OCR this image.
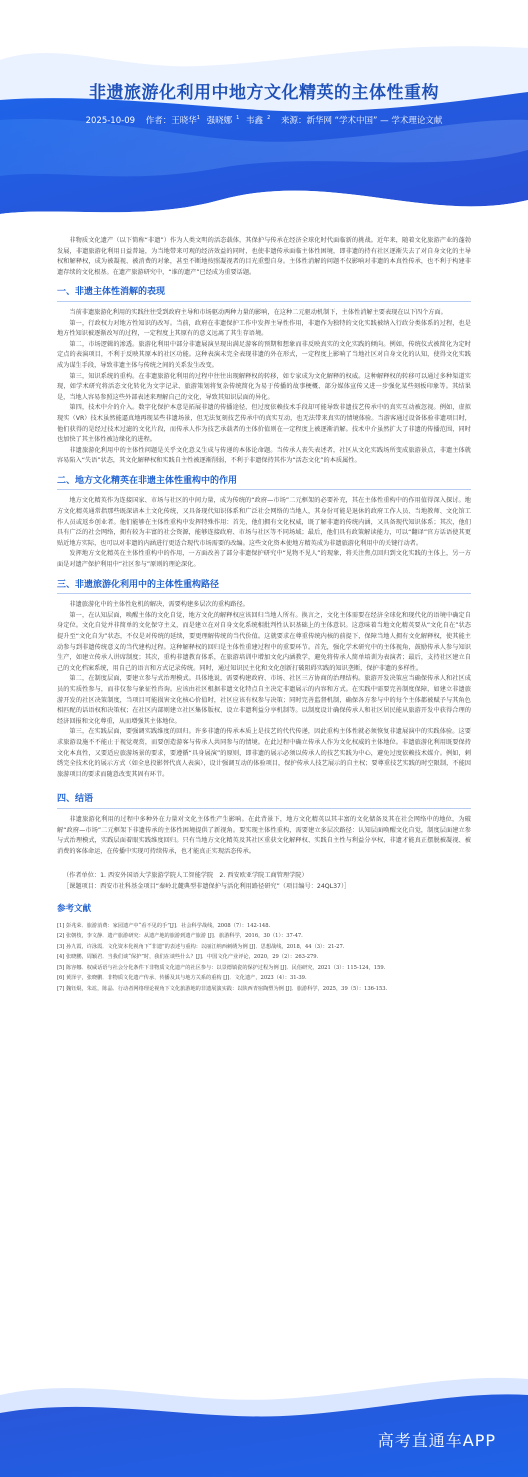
非遗旅游化利用中地方文化精英的主体性重构
2025-10-09 作者：王晓华$^1$ 强晓娜 $^1$ 韦鑫 $^2$ 来源：新华网 “学术中国” — 学术理论文献

非物质文化遗产（以下简称“非遗”）作为人类文明的活态载体，其保护与传承在经济全球化时代面临新的挑战。近年来，随着文化旅游产业的蓬勃发展，非遗旅游化利用日益普遍，为当地带来可观的经济效益的同时，也使非遗传承面临主体性困境，即非遗的持有社区逐渐失去了对自身文化的主导权和解释权，成为被凝视、被消费的对象，甚至不断地按照凝视者的目光重塑自身。主体性消解的问题不仅影响对非遗的本真性传承，也不利于构建非遗存续的文化根基。在遗产旅游研究中，“谁的遗产”已经成为重要话题。

一、非遗主体性消解的表现

当前非遗旅游化利用的实践往往受到政府主导和市场驱动两种力量的影响，在这种二元驱动机制下，主体性消解主要表现在以下四个方面。

第一，行政权力对地方性知识的改写。当前，政府在非遗保护工作中发挥主导性作用，非遗作为独特的文化实践被纳入行政分类体系的过程，也是地方性知识被逐渐改写的过程，一定程度上其原有的意义远离了其生存语境。

第二，市场逻辑的渗透。旅游化利用中部分非遗展演呈现出满足游客的预期和想象而非反映真实的文化实践的倾向。例如，传统仪式被简化为定时定点的表演项目，不利于反映其原本的社区功能。这种表演未完全表现非遗的外在形式，一定程度上影响了当地社区对自身文化的认知，使得文化实践成为谋生手段，导致非遗主体与传统之间的关系发生改变。

第三，知识系统的重构。在非遗旅游化利用的过程中往往出现解释权的转移，如专家成为文化解释的权威。这种解释权的转移可以通过多种渠道实现，如学术研究将活态文化转化为文字记录、旅游策划将复杂传统简化为易于传播的故事梗概、部分媒体宣传又进一步强化某些刻板印象等。其结果是，当地人容易参照这些外部表述来理解自己的文化，导致其知识层面的异化。

第四，技术中介的介入。数字化保护本意是拓展非遗的传播途径，但过度依赖技术手段却可能导致非遗技艺传承中的真实互动被忽视。例如，虚拟现实（VR）技术虽然能逼真地再现某些非遗场景，但无法复刻技艺传承中的真实互动，也无法带来真实的情境体验。当游客通过设备体验非遗项目时，他们获得的是经过技术过滤的文化片段，而传承人作为技艺承载者的主体价值则在一定程度上被逐渐消解。技术中介虽然扩大了非遗的传播范围，同时也加快了其主体性被边缘化的进程。

非遗旅游化利用中的主体性问题是关乎文化意义生成与传递的本体论命题。当传承人丧失表述者，社区从文化实践场所变成旅游景点，非遗主体就容易陷入“失语”状态，其文化解释权和实践自主性被逐渐削弱，不利于非遗保持其作为“活态文化”的本质属性。

二、地方文化精英在非遗主体性重构中的作用

地方文化精英作为连接国家、市场与社区的中间力量，成为传统的“政府—市场”二元框架的必要补充，其在主体性重构中的作用值得深入探讨。地方文化精英通常指那些既深谙本土文化传统，又具备现代知识体系和广泛社会网络的当地人，其身份可能是退休的政府工作人员、当地教师、文化馆工作人员或返乡创业者。他们能够在主体性重构中发挥特殊作用：首先，他们拥有文化权威，既了解非遗的传统内涵，又具备现代知识体系；其次，他们具有广泛的社会网络，拥有较为丰富的社会资源，能够连接政府、市场与社区等不同场域；最后，他们具有政策解读能力，可以“翻译”官方话语使其更贴近地方实际，也可以对非遗的内涵进行更适合现代市场需要的改编。这些文化资本使地方精英成为非遗旅游化利用中的关键行动者。

发挥地方文化精英在主体性重构中的作用，一方面改善了部分非遗保护研究中“见物不见人”的现象，将关注焦点回归到文化实践的主体上，另一方面是对遗产保护利用中“社区参与”原则的理论深化。

三、非遗旅游化利用中的主体性重构路径

非遗旅游化中的主体性危机的解决，需要构建多层次的重构路径。

第一，在认知层面，唤醒主体的文化自觉，地方文化的解释权应该回归当地人所有。换言之，文化主体需要在经济全球化和现代化的语境中确定自身定位。文化自觉并非简单的文化保守主义，而是建立在对自身文化系统相批判性认识基础上的主体意识。这意味着当地文化精英要从“文化自在”状态提升至“文化自为”状态，不仅是对传统的延续，要更理解传统的当代价值。这就要求在尊重传统内核的前提下，保障当地人拥有文化解释权，使其能主动参与到非遗传统意义的当代建构过程。这种解释权的回归是主体性重建过程中的重要环节。首先，强化学术研究中的主体视角，鼓励传承人参与知识生产，如建立传承人讲席制度；其次，重构非遗教育体系，在旅游培训中增加文化内涵教学，避免将传承人简单培训为表演者；最后，支持社区建立自己的文化档案系统，用自己的语言和方式记录传统。同时，通过知识民主化和文化创新打破阻碍实践的知识垄断，保护非遗的多样性。

第二，在制度层面，要建立参与式治理模式。具体地说，需要构建政府、市场、社区三方协商的治理结构。旅游开发决策应当确保传承人和社区成员的实质性参与，而非仅参与象征性咨询。应该由社区根据非遗文化特点自主决定非遗展示的内容和方式。在实践中需要完善制度保障，如建立非遗旅游开发的社区决策制度，当项目可能损害文化核心价值时，社区应该有权参与决策；同时完善监督机制，确保各方参与中的每个主体都被赋予与其角色相匹配的话语权和决策权；在社区内部则建立社区集体版权、设立非遗利益分享机制等。以制度设计确保传承人和社区居民能从旅游开发中获得合理的经济回报和文化尊重，从而增强其主体地位。

第三，在实践层面，要强调实践维度的回归。许多非遗的传承本质上是技艺的代代传递，因此重构主体性就必须恢复非遗展演中的实践体验。这要求旅游设施不不能止于视觉观赏，而要创造游客与传承人共同参与的情境。在此过程中确立传承人作为文化权威的主体地位。非遗旅游化利用既要保持文化本真性，又要适应旅游场景的要求，要遵循“具身展演”的原则，即非遗的展示必须以传承人的技艺实践为中心，避免过度依赖技术媒介。例如，刺绣完全技术化的展示方式（如全息投影替代真人表演），设计强调互动的体验项目，保护传承人技艺展示的自主权；要尊重技艺实践的时空限制，不能因旅游项目的要求而随意改变其固有环节。

四、结语

非遗旅游化利用的过程中多种外在力量对文化主体性产生影响。在此背景下，地方文化精英以其丰富的文化储备及其在社会网络中的地位，为破解“政府—市场”二元框架下非遗传承的主体性困境提供了新视角。要实现主体性重构，需要建立多层次路径：认知层面唤醒文化自觉，制度层面建立参与式治理模式，实践层面着眼实践维度回归。只有当地方文化精英及其社区重获文化解释权、实践自主性与利益分享权，非遗才能真正摆脱被凝视、被消费的客体命运，在传播中实现可持续传承，也才能真正实现活态传承。

（作者单位：1. 西安外国语大学旅游学院人工智能学院　2. 西安欧亚学院工商管理学院）

［课题项目：西安市社科基金项目“秦岭北麓典型非遗保护与活化利用路径研究”（项目编号：24QL37）］

参考文献

[1] 彭兆荣．旅游消费：家园遗产中“看不见的手”[J]．社会科学战线，2008（7）：142-148.

[2] 张朝枝，李文静．遗产旅游研究：从遗产地的旅游到遗产旅游 [J]．旅游科学，2016，30（1）：37-47.

[3] 孙九霞，许泳霞．文化资本化视角下“非遗”的表述与重构：以丽江纳西刺绣为例 [J]．思想战线，2018，44（3）：21-27.

[4] 张晓鹏，周颖君．当我们谈“保护”时，我们在谈些什么？[J]．中国文化产业评论，2020，29（2）：263-279.

[5] 陈容娜．权威话语与社会分化条件下非物质文化遗产的社区参与：以景德镇瓷的保护过程为例 [J]．民俗研究，2021（3）：115-124，159.

[6] 黄泽宇，张晓鹏．非物质文化遗产传承、传播及其与地方关系的重构 [J]．文化遗产，2023（4）：31-39.

[7] 魏钰焜，朱竑，陈晶．行动者网络理论视角下文化旅游地的非遗展演实践：以陕西青宿陶塑为例 [J]．旅游科学，2025，39（5）：136-153.

高考直通车APP
